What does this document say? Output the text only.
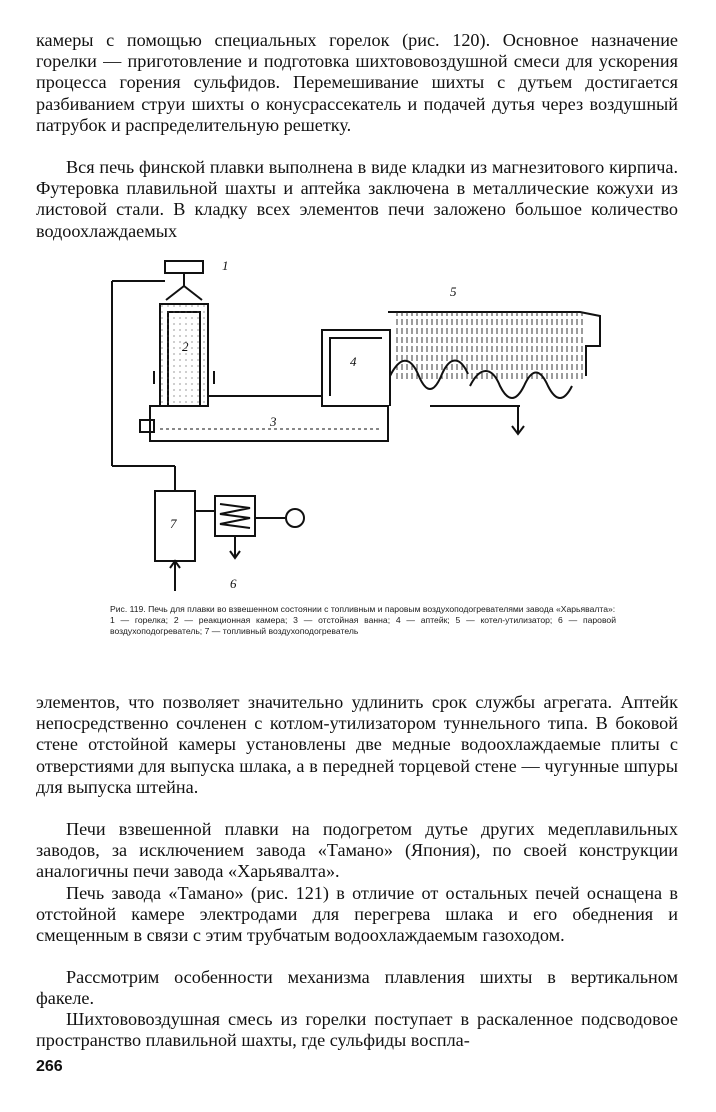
камеры с помощью специальных горелок (рис. 120). Основное назначение горелки — приготовление и подготовка шихтововоздушной смеси для ускорения процесса горения сульфидов. Перемешивание шихты с дутьем достигается разбиванием струи шихты о конусрассекатель и подачей дутья через воздушный патрубок и распределительную решетку.

Вся печь финской плавки выполнена в виде кладки из магнезитового кирпича. Футеровка плавильной шахты и аптейка заключена в металлические кожухи из листовой стали. В кладку всех элементов печи заложено большое количество водоохлаждаемых

1
2
3
4
5
6
7
Рис. 119. Печь для плавки во взвешенном состоянии с топливным и паровым воздухоподогревателями завода «Харьявалта»:
1 — горелка; 2 — реакционная камера; 3 — отстойная ванна; 4 — аптейк; 5 — котел-утилизатор; 6 — паровой воздухоподогреватель; 7 — топливный воздухоподогреватель

элементов, что позволяет значительно удлинить срок службы агрегата. Аптейк непосредственно сочленен с котлом-утилизатором туннельного типа. В боковой стене отстойной камеры установлены две медные водоохлаждаемые плиты с отверстиями для выпуска шлака, а в передней торцевой стене — чугунные шпуры для выпуска штейна.

Печи взвешенной плавки на подогретом дутье других медеплавильных заводов, за исключением завода «Тамано» (Япония), по своей конструкции аналогичны печи завода «Харьявалта».

Печь завода «Тамано» (рис. 121) в отличие от остальных печей оснащена в отстойной камере электродами для перегрева шлака и его обеднения и смещенным в связи с этим трубчатым водоохлаждаемым газоходом.

Рассмотрим особенности механизма плавления шихты в вертикальном факеле.

Шихтововоздушная смесь из горелки поступает в раскаленное подсводовое пространство плавильной шахты, где сульфиды воспла-

266
